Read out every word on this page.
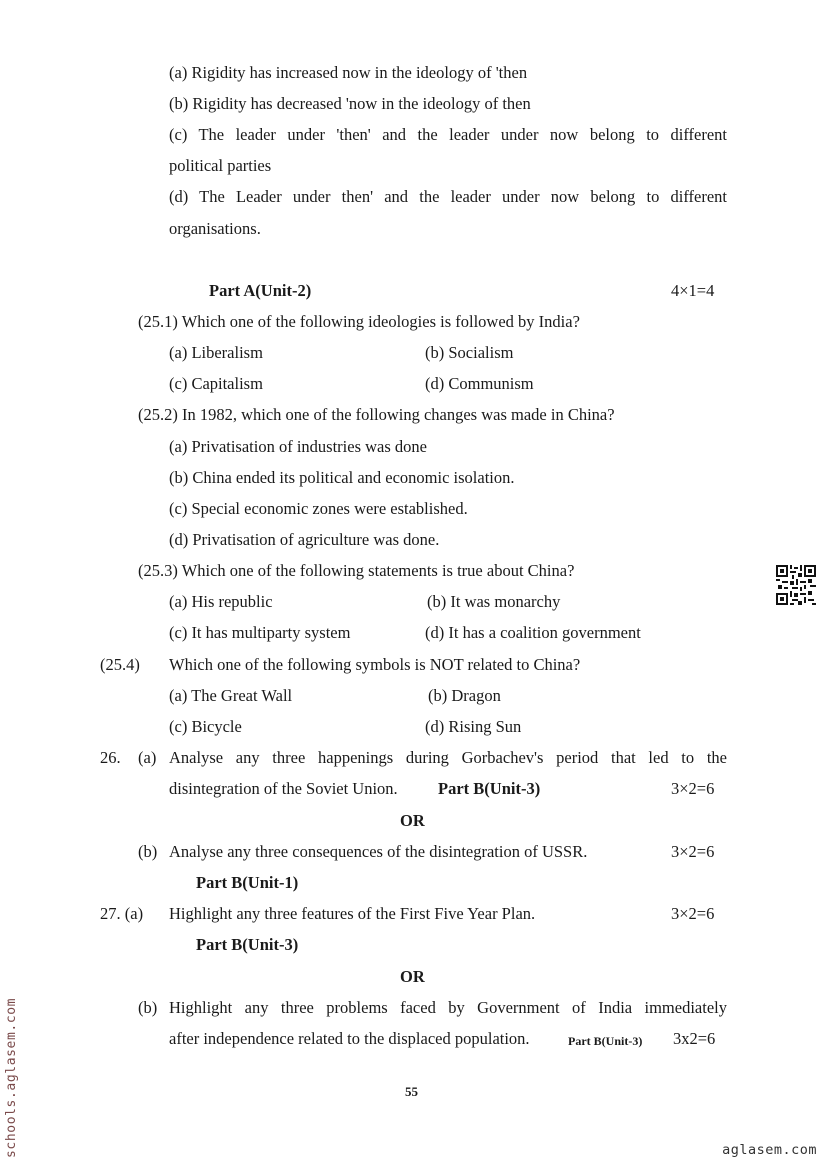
(a) Rigidity has increased now in the ideology of 'then
(b) Rigidity has decreased 'now in the ideology of then
(c) The leader under 'then' and the leader under now belong to different
political parties
(d) The Leader under then' and the leader under now belong to different
organisations.
Part A(Unit-2)	4×1=4
(25.1) Which one of the following ideologies is followed by India?
(a) Liberalism	(b) Socialism
(c) Capitalism	(d) Communism
(25.2) In 1982, which one of the following changes was made in China?
(a) Privatisation of industries was done
(b) China ended its political and economic isolation.
(c) Special economic zones were established.
(d) Privatisation of agriculture was done.
(25.3) Which one of the following statements is true about China?
(a) His republic	(b) It was monarchy
(c) It has multiparty system	(d) It has a coalition government
(25.4) Which one of the following symbols is NOT related to China?
(a) The Great Wall	(b) Dragon
(c) Bicycle	(d) Rising Sun
26. (a) Analyse any three happenings during Gorbachev's period that led to the
disintegration of the Soviet Union. Part B(Unit-3)	3×2=6
OR
(b) Analyse any three consequences of the disintegration of USSR.	3×2=6
Part B(Unit-1)
27. (a) Highlight any three features of the First Five Year Plan.	3×2=6
Part B(Unit-3)
OR
(b) Highlight any three problems faced by Government of India immediately
after independence related to the displaced population.	Part B(Unit-3) 3x2=6
55
schools.aglasem.com	aglasem.com
